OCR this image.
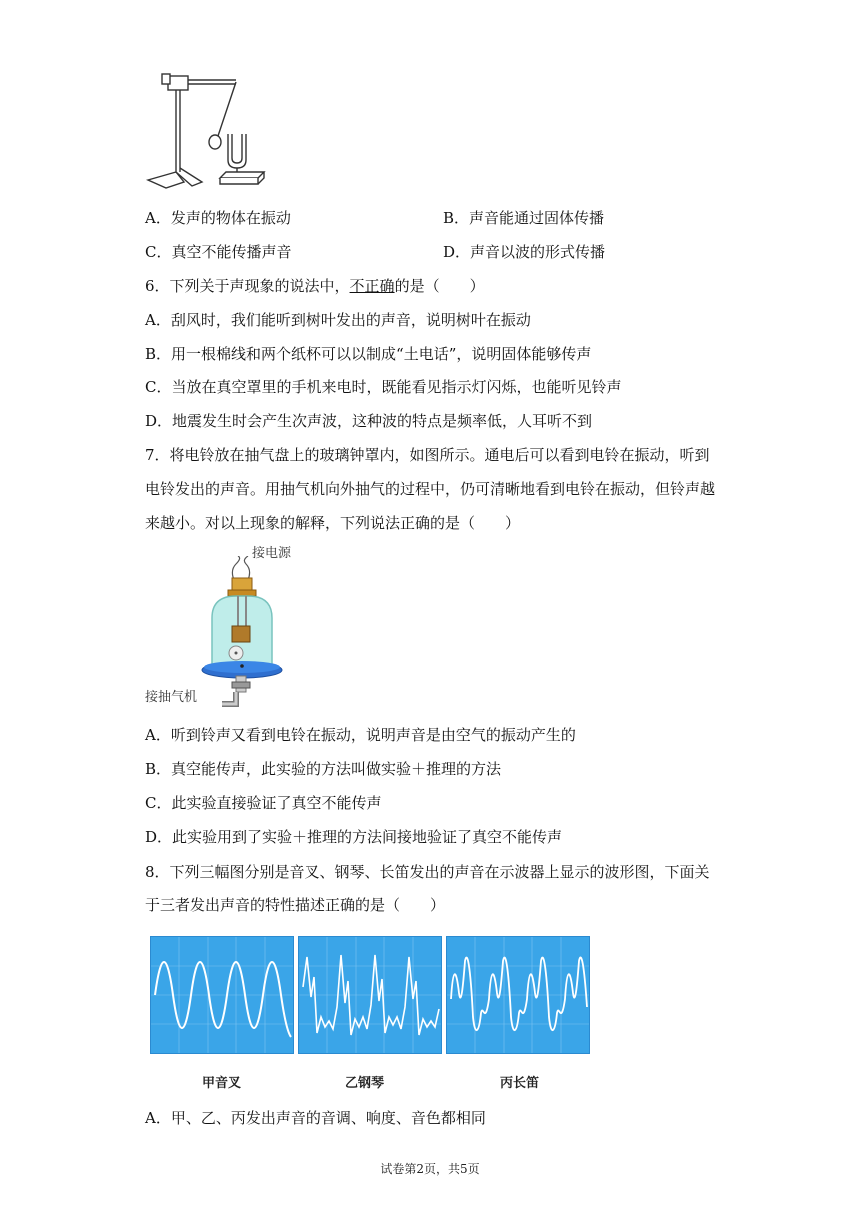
A．发声的物体在振动	B．声音能通过固体传播
C．真空不能传播声音	D．声音以波的形式传播
6．下列关于声现象的说法中，不正确的是（　　）
A．刮风时，我们能听到树叶发出的声音，说明树叶在振动
B．用一根棉线和两个纸杯可以以制成“土电话”，说明固体能够传声
C．当放在真空罩里的手机来电时，既能看见指示灯闪烁，也能听见铃声
D．地震发生时会产生次声波，这种波的特点是频率低，人耳听不到
7．将电铃放在抽气盘上的玻璃钟罩内，如图所示。通电后可以看到电铃在振动，听到
电铃发出的声音。用抽气机向外抽气的过程中，仍可清晰地看到电铃在振动，但铃声越
来越小。对以上现象的解释，下列说法正确的是（　　）
接电源
接抽气机
A．听到铃声又看到电铃在振动，说明声音是由空气的振动产生的
B．真空能传声，此实验的方法叫做实验＋推理的方法
C．此实验直接验证了真空不能传声
D．此实验用到了实验＋推理的方法间接地验证了真空不能传声
8．下列三幅图分别是音叉、钢琴、长笛发出的声音在示波器上显示的波形图，下面关
于三者发出声音的特性描述正确的是（　　）
甲音叉	乙钢琴	丙长笛
A．甲、乙、丙发出声音的音调、响度、音色都相同
试卷第2页，共5页
